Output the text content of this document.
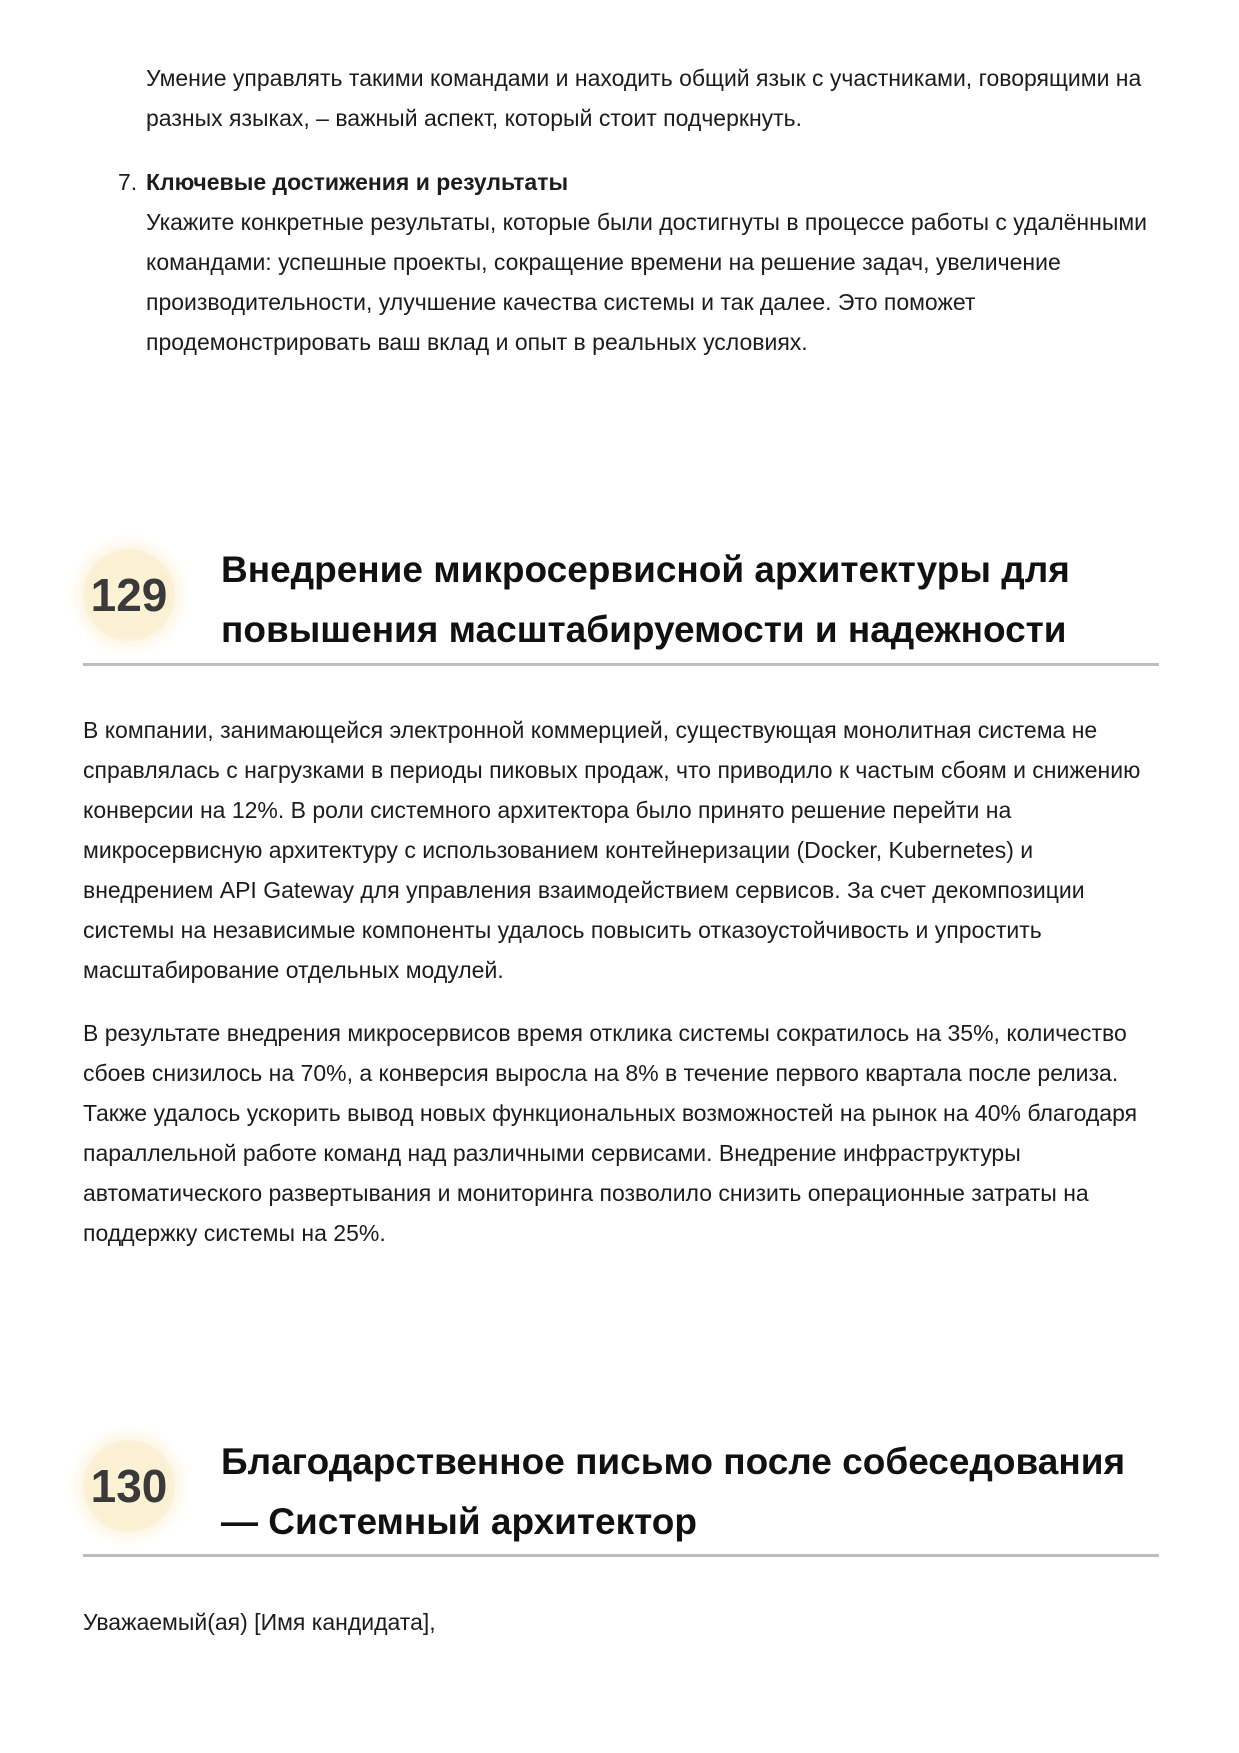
Умение управлять такими командами и находить общий язык с участниками, говорящими на разных языках, – важный аспект, который стоит подчеркнуть.
7. Ключевые достижения и результаты
Укажите конкретные результаты, которые были достигнуты в процессе работы с удалёнными командами: успешные проекты, сокращение времени на решение задач, увеличение производительности, улучшение качества системы и так далее. Это поможет продемонстрировать ваш вклад и опыт в реальных условиях.
129 Внедрение микросервисной архитектуры для
повышения масштабируемости и надежности
В компании, занимающейся электронной коммерцией, существующая монолитная система не справлялась с нагрузками в периоды пиковых продаж, что приводило к частым сбоям и снижению конверсии на 12%. В роли системного архитектора было принято решение перейти на микросервисную архитектуру с использованием контейнеризации (Docker, Kubernetes) и внедрением API Gateway для управления взаимодействием сервисов. За счет декомпозиции системы на независимые компоненты удалось повысить отказоустойчивость и упростить масштабирование отдельных модулей.
В результате внедрения микросервисов время отклика системы сократилось на 35%, количество сбоев снизилось на 70%, а конверсия выросла на 8% в течение первого квартала после релиза. Также удалось ускорить вывод новых функциональных возможностей на рынок на 40% благодаря параллельной работе команд над различными сервисами. Внедрение инфраструктуры автоматического развертывания и мониторинга позволило снизить операционные затраты на поддержку системы на 25%.
130 Благодарственное письмо после собеседования
— Системный архитектор
Уважаемый(ая) [Имя кандидата],
